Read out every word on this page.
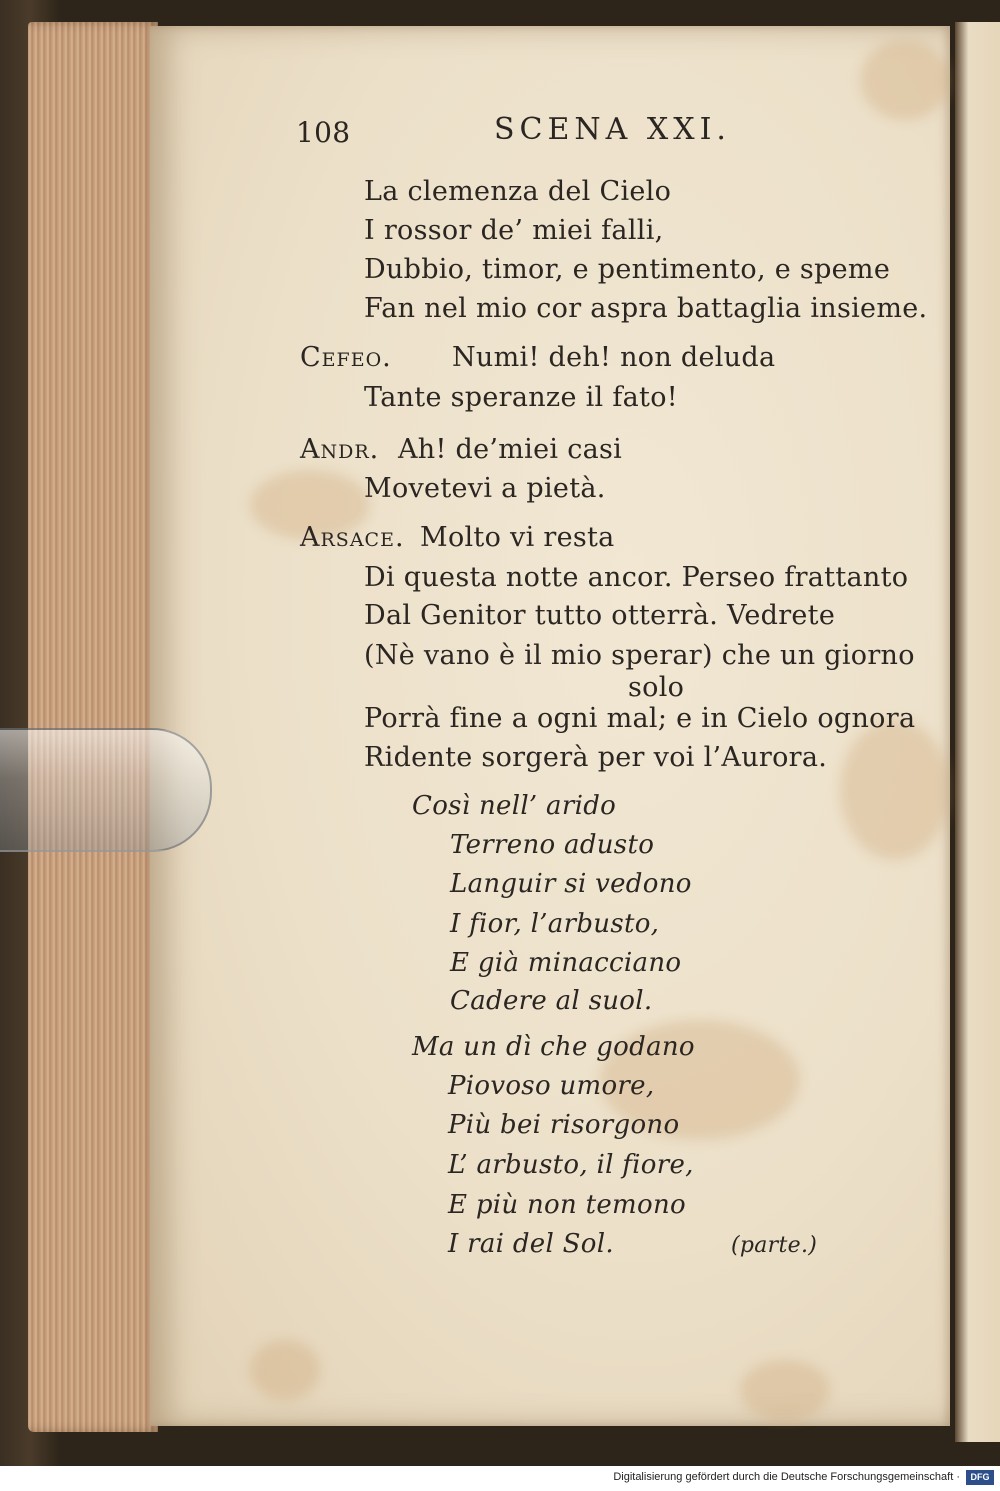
108	SCENA XXI.
La clemenza del Cielo
I rossor de’ miei falli,
Dubbio, timor, e pentimento, e speme
Fan nel mio cor aspra battaglia insieme.
Cefeo. Numi! deh! non deluda
Tante speranze il fato!
Andr. Ah! de’miei casi
Movetevi a pietà.
Arsace. Molto vi resta
Di questa notte ancor. Perseo frattanto
Dal Genitor tutto otterrà. Vedrete
(Nè vano è il mio sperar) che un giorno
solo
Porrà fine a ogni mal; e in Cielo ognora
Ridente sorgerà per voi l’Aurora.
Così nell’ arido
Terreno adusto
Languir si vedono
I fior, l’arbusto,
E già minacciano
Cadere al suol.
Ma un dì che godano
Piovoso umore,
Più bei risorgono
L’ arbusto, il fiore,
E più non temono
I rai del Sol.	(parte.)
Digitalisierung gefördert durch die Deutsche Forschungsgemeinschaft ·	DFG
